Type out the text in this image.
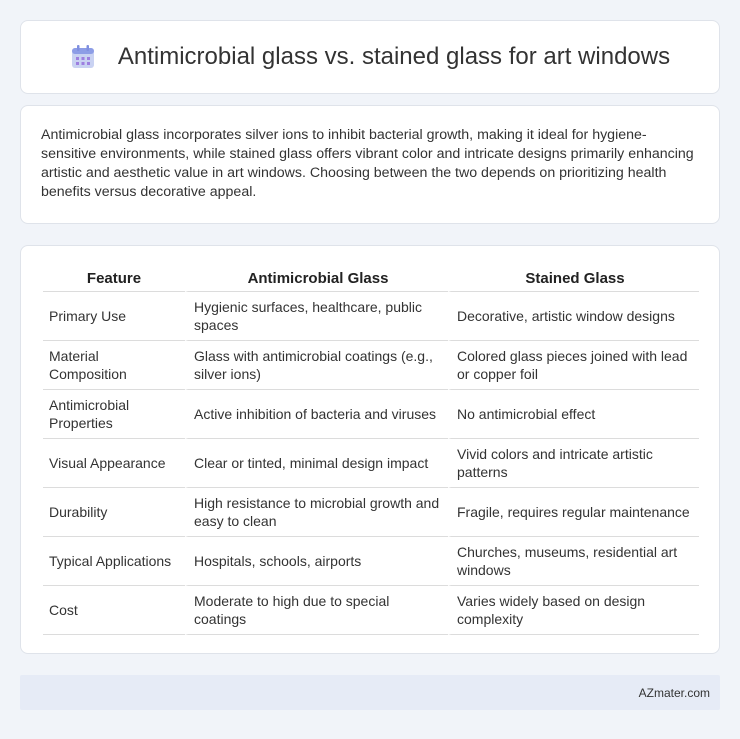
Antimicrobial glass vs. stained glass for art windows

Antimicrobial glass incorporates silver ions to inhibit bacterial growth, making it ideal for hygiene-sensitive environments, while stained glass offers vibrant color and intricate designs primarily enhancing artistic and aesthetic value in art windows. Choosing between the two depends on prioritizing health benefits versus decorative appeal.

Feature	Antimicrobial Glass	Stained Glass
Primary Use	Hygienic surfaces, healthcare, public spaces	Decorative, artistic window designs
Material Composition	Glass with antimicrobial coatings (e.g., silver ions)	Colored glass pieces joined with lead or copper foil
Antimicrobial Properties	Active inhibition of bacteria and viruses	No antimicrobial effect
Visual Appearance	Clear or tinted, minimal design impact	Vivid colors and intricate artistic patterns
Durability	High resistance to microbial growth and easy to clean	Fragile, requires regular maintenance
Typical Applications	Hospitals, schools, airports	Churches, museums, residential art windows
Cost	Moderate to high due to special coatings	Varies widely based on design complexity
AZmater.com
